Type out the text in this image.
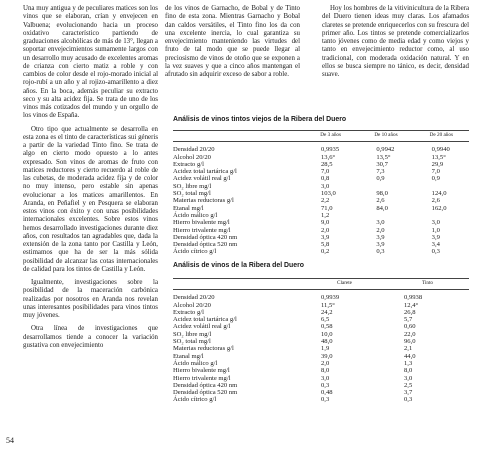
Una muy antigua y de peculiares matices son los vinos que se elaboran, crían y envejecen en Valbuena; evolucionando hacia un proceso oxidativo característico partiendo de graduaciones alcohólicas de más de 13°, llegan a soportar envejecimientos sumamente largos con un desarrollo muy acusado de excelentes aromas de crianza con cierto matiz a roble y con cambios de color desde el rojo-morado inicial al rojo-rubí a un año y al rojizo-amarillento a diez años. En la boca, además peculiar su extracto seco y su alta acidez fija. Se trata de uno de los vinos más cotizados del mundo y un orgullo de los vinos de España.

Otro tipo que actualmente se desarrolla en esta zona es el tinto de características sui géneris a partir de la variedad Tinto fino. Se trata de algo en cierto modo opuesto a lo antes expresado. Son vinos de aromas de fruto con matices reductores y cierto recuerdo al roble de las cubetas, de moderada acidez fija y de color no muy intenso, pero estable sin apenas evolucionar a los matices amarillentos. En Aranda, en Peñafiel y en Pesquera se elaboran estos vinos con éxito y con unas posibilidades internacionales excelentes. Sobre estos vinos hemos desarrollado investigaciones durante diez años, con resultados tan agradables que, dada la extensión de la zona tanto por Castilla y León, estimamos que ha de ser la más sólida posibilidad de alcanzar las cotas internacionales de calidad para los tintos de Castilla y León.

Igualmente, investigaciones sobre la posibilidad de la maceración carbónica realizadas por nosotros en Aranda nos revelan unas interesantes posibilidades para vinos tintos muy jóvenes.

Otra línea de investigaciones que desarrollamos tiende a conocer la variación gustativa con envejecimiento

de los vinos de Garnacho, de Bobal y de Tinto fino de esta zona. Mientras Garnacho y Bobal dan caldos versátiles, el Tinto fino los da con una excelente inercia, lo cual garantiza su envejecimiento manteniendo las virtudes del fruto de tal modo que se puede llegar al preciosismo de vinos de otoño que se exponen a la vez suaves y que a cinco años mantengan el afrutado sin adquirir exceso de sabor a roble.

Hoy los hombres de la vitivinicultura de la Ribera del Duero tienen ideas muy claras. Los afamados claretes se pretende enriquecerlos con su frescura del primer año. Los tintos se pretende comercializarlos tanto jóvenes como de media edad y como viejos y tanto en envejecimiento reductor como, al uso tradicional, con moderada oxidación natural. Y en ellos se busca siempre no tánico, es decir, densidad suave.

54
Análisis de vinos tintos viejos de la Ribera del Duero
	De 3 años	De 10 años	De 20 años

Densidad 20/20	0,9935	0,9942	0,9940
Alcohol 20/20	13,6°	13,5°	13,5°
Extracto g/l	28,5	30,7	29,9
Acidez total tartárica g/l	7,0	7,3	7,0
Acidez volátil real g/l	0,8	0,9	0,9
SO₂ libre mg/l	3,0		
SO₂ total mg/l	103,0	98,0	124,0
Materias reductoras g/l	2,2	2,6	2,6
Etanal mg/l	71,0	84,0	162,0
Ácido málico g/l	1,2		
Hierro bivalente mg/l	9,0	3,0	3,0
Hierro trivalente mg/l	2,0	2,0	1,0
Densidad óptica 420 nm	3,9	3,9	3,9
Densidad óptica 520 nm	5,8	3,9	3,4
Ácido cítrico g/l	0,2	0,3	0,3
Análisis de vinos de la Ribera del Duero
	Clarete	Tinto

Densidad 20/20	0,9939	0,9938
Alcohol 20/20	11,5°	12,4°
Extracto g/l	24,2	26,8
Acidez total tartárica g/l	6,5	5,7
Acidez volátil real g/l	0,58	0,60
SO₂ libre mg/l	10,0	22,0
SO₂ total mg/l	48,0	96,0
Materias reductoras g/l	1,9	2,1
Etanal mg/l	39,0	44,0
Ácido málico g/l	2,0	1,3
Hierro bivalente mg/l	8,0	8,0
Hierro trivalente mg/l	3,0	3,0
Densidad óptica 420 nm	0,3	2,5
Densidad óptica 520 nm	0,48	3,7
Ácido cítrico g/l	0,3	0,3
